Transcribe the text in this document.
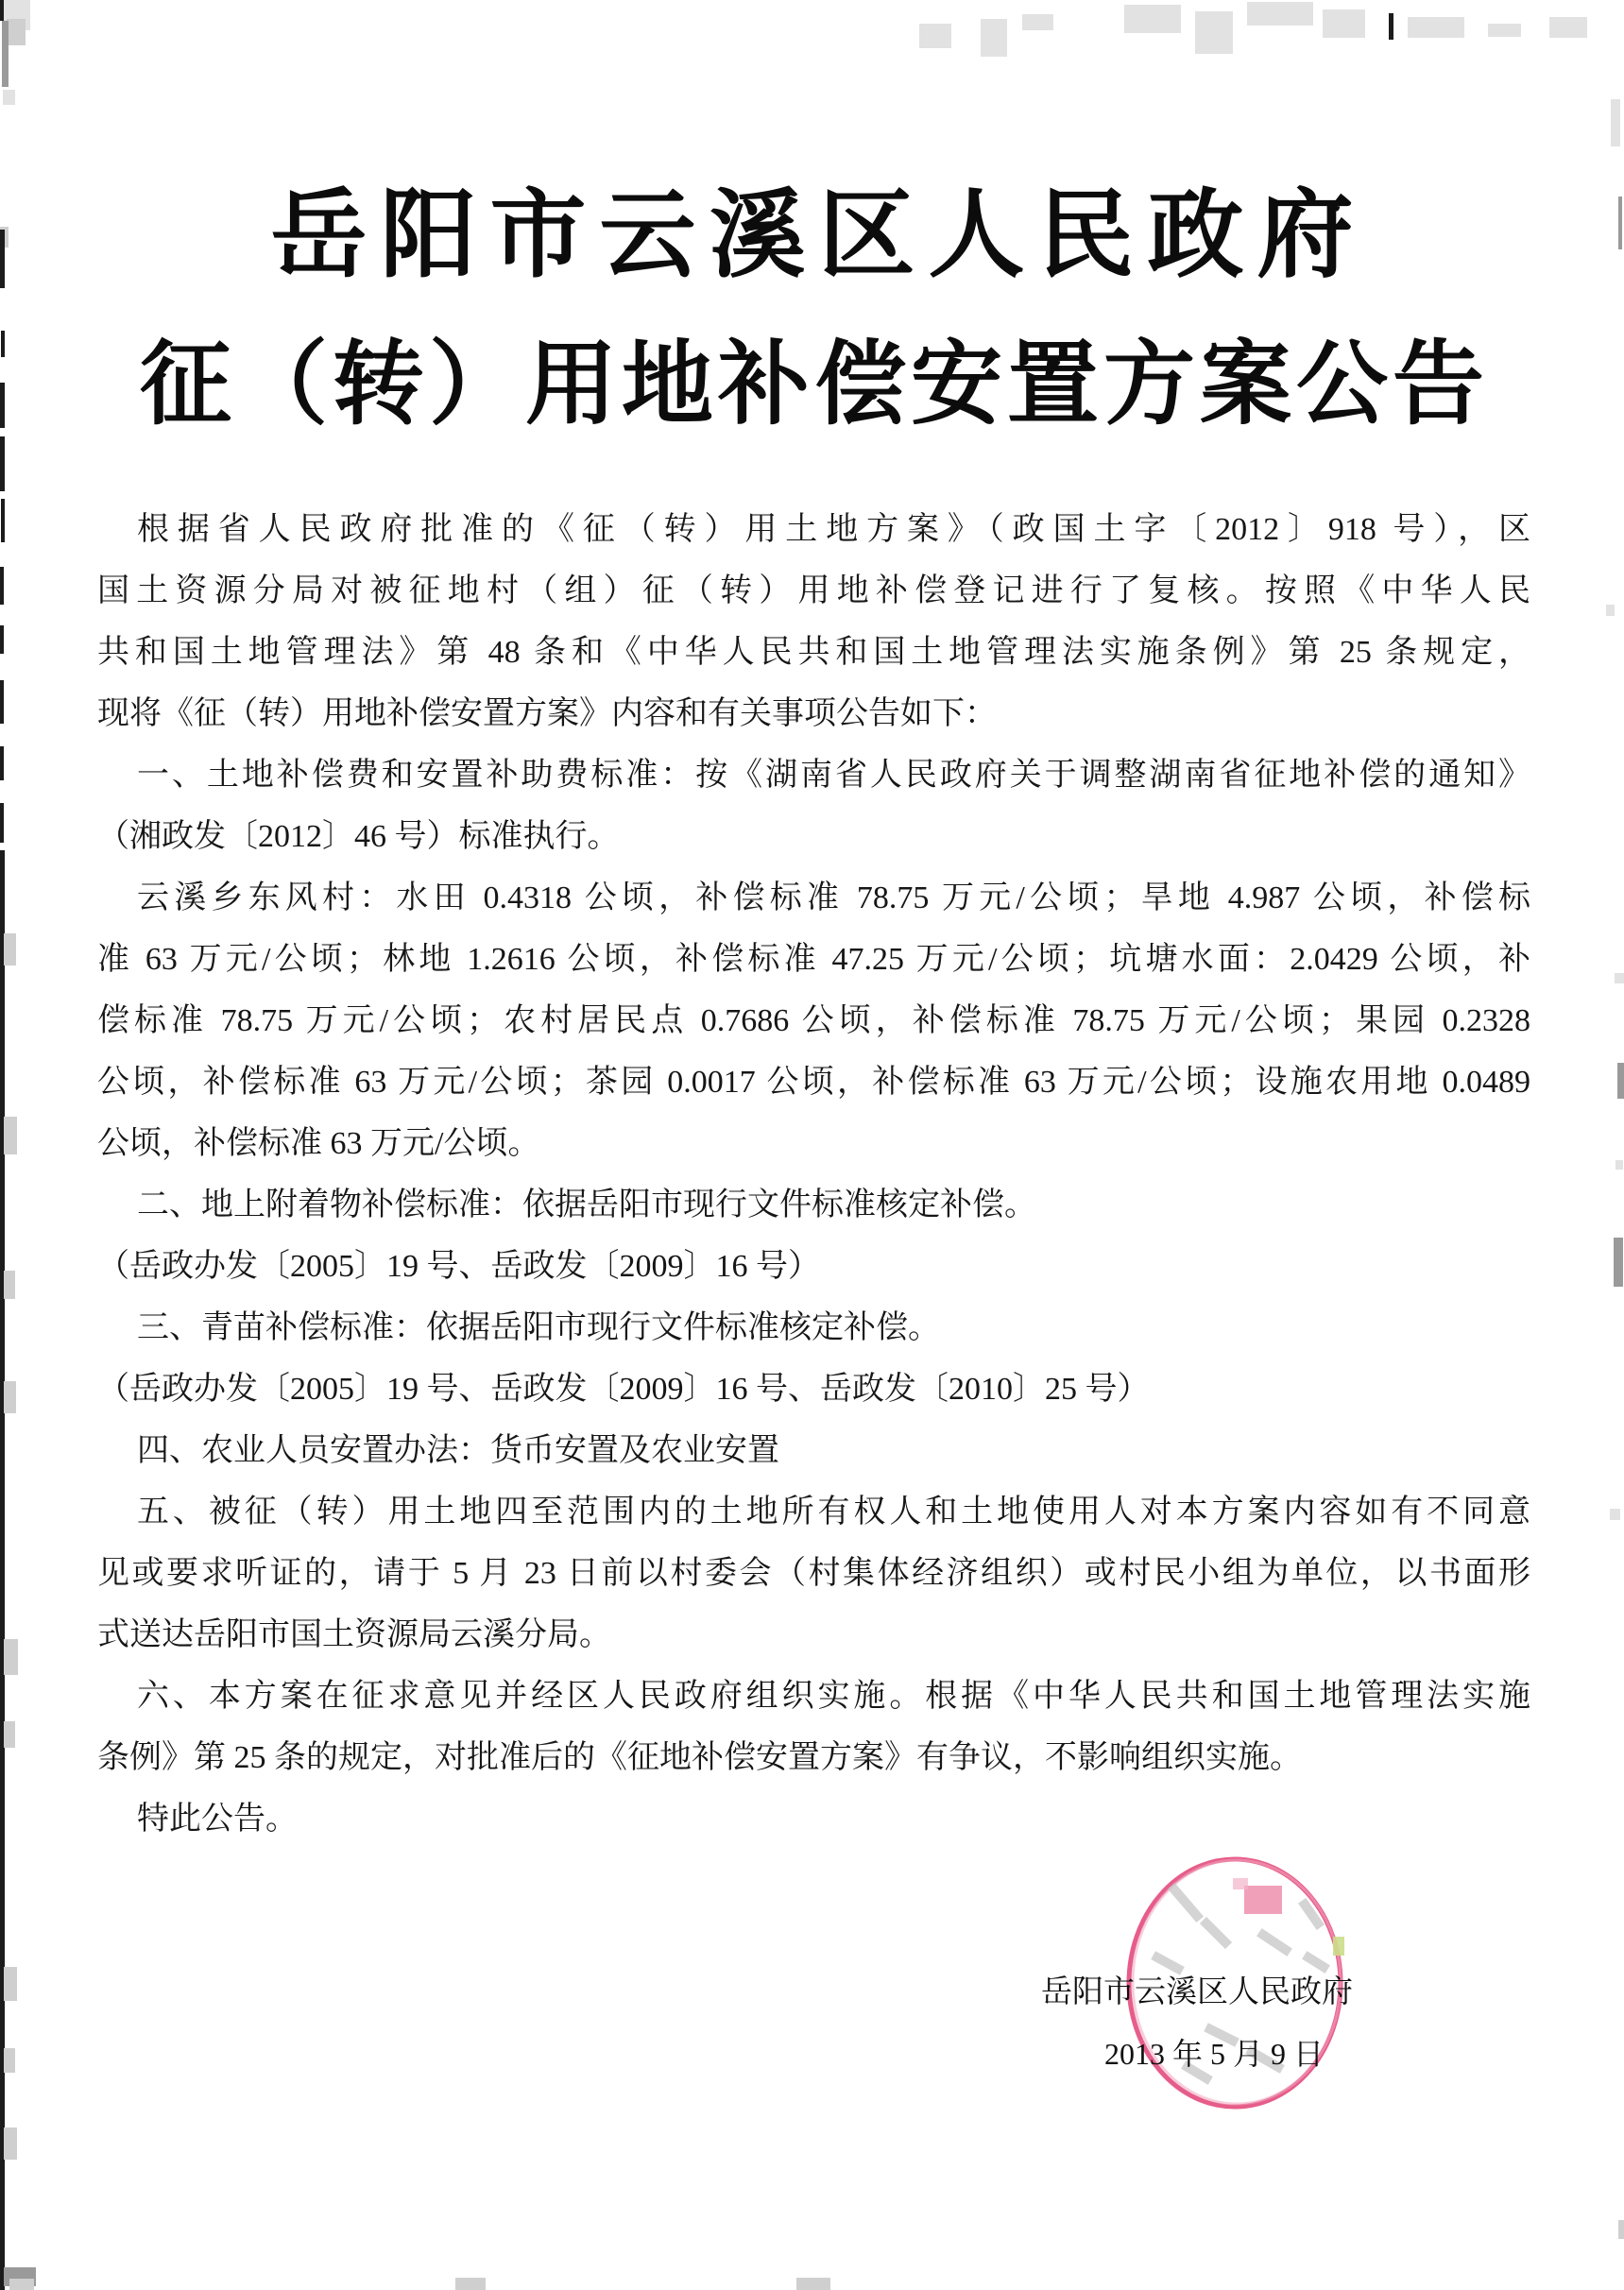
岳阳市云溪区人民政府
征（转）用地补偿安置方案公告
根据省人民政府批准的《征（转）用土地方案》（政国土字〔2012〕918 号），区
国土资源分局对被征地村（组）征（转）用地补偿登记进行了复核。按照《中华人民
共和国土地管理法》第 48 条和《中华人民共和国土地管理法实施条例》第 25 条规定，
现将《征（转）用地补偿安置方案》内容和有关事项公告如下：
一、土地补偿费和安置补助费标准：按《湖南省人民政府关于调整湖南省征地补偿的通知》
（湘政发〔2012〕46 号）标准执行。
云溪乡东风村：水田 0.4318 公顷，补偿标准 78.75 万元/公顷；旱地 4.987 公顷，补偿标
准 63 万元/公顷；林地 1.2616 公顷，补偿标准 47.25 万元/公顷；坑塘水面：2.0429 公顷，补
偿标准 78.75 万元/公顷；农村居民点 0.7686 公顷，补偿标准 78.75 万元/公顷；果园 0.2328
公顷，补偿标准 63 万元/公顷；茶园 0.0017 公顷，补偿标准 63 万元/公顷；设施农用地 0.0489
公顷，补偿标准 63 万元/公顷。
二、地上附着物补偿标准：依据岳阳市现行文件标准核定补偿。
（岳政办发〔2005〕19 号、岳政发〔2009〕16 号）
三、青苗补偿标准：依据岳阳市现行文件标准核定补偿。
（岳政办发〔2005〕19 号、岳政发〔2009〕16 号、岳政发〔2010〕25 号）
四、农业人员安置办法：货币安置及农业安置
五、被征（转）用土地四至范围内的土地所有权人和土地使用人对本方案内容如有不同意
见或要求听证的，请于 5 月 23 日前以村委会（村集体经济组织）或村民小组为单位，以书面形
式送达岳阳市国土资源局云溪分局。
六、本方案在征求意见并经区人民政府组织实施。根据《中华人民共和国土地管理法实施
条例》第 25 条的规定，对批准后的《征地补偿安置方案》有争议，不影响组织实施。
特此公告。
岳阳市云溪区人民政府
2013 年 5 月 9 日
